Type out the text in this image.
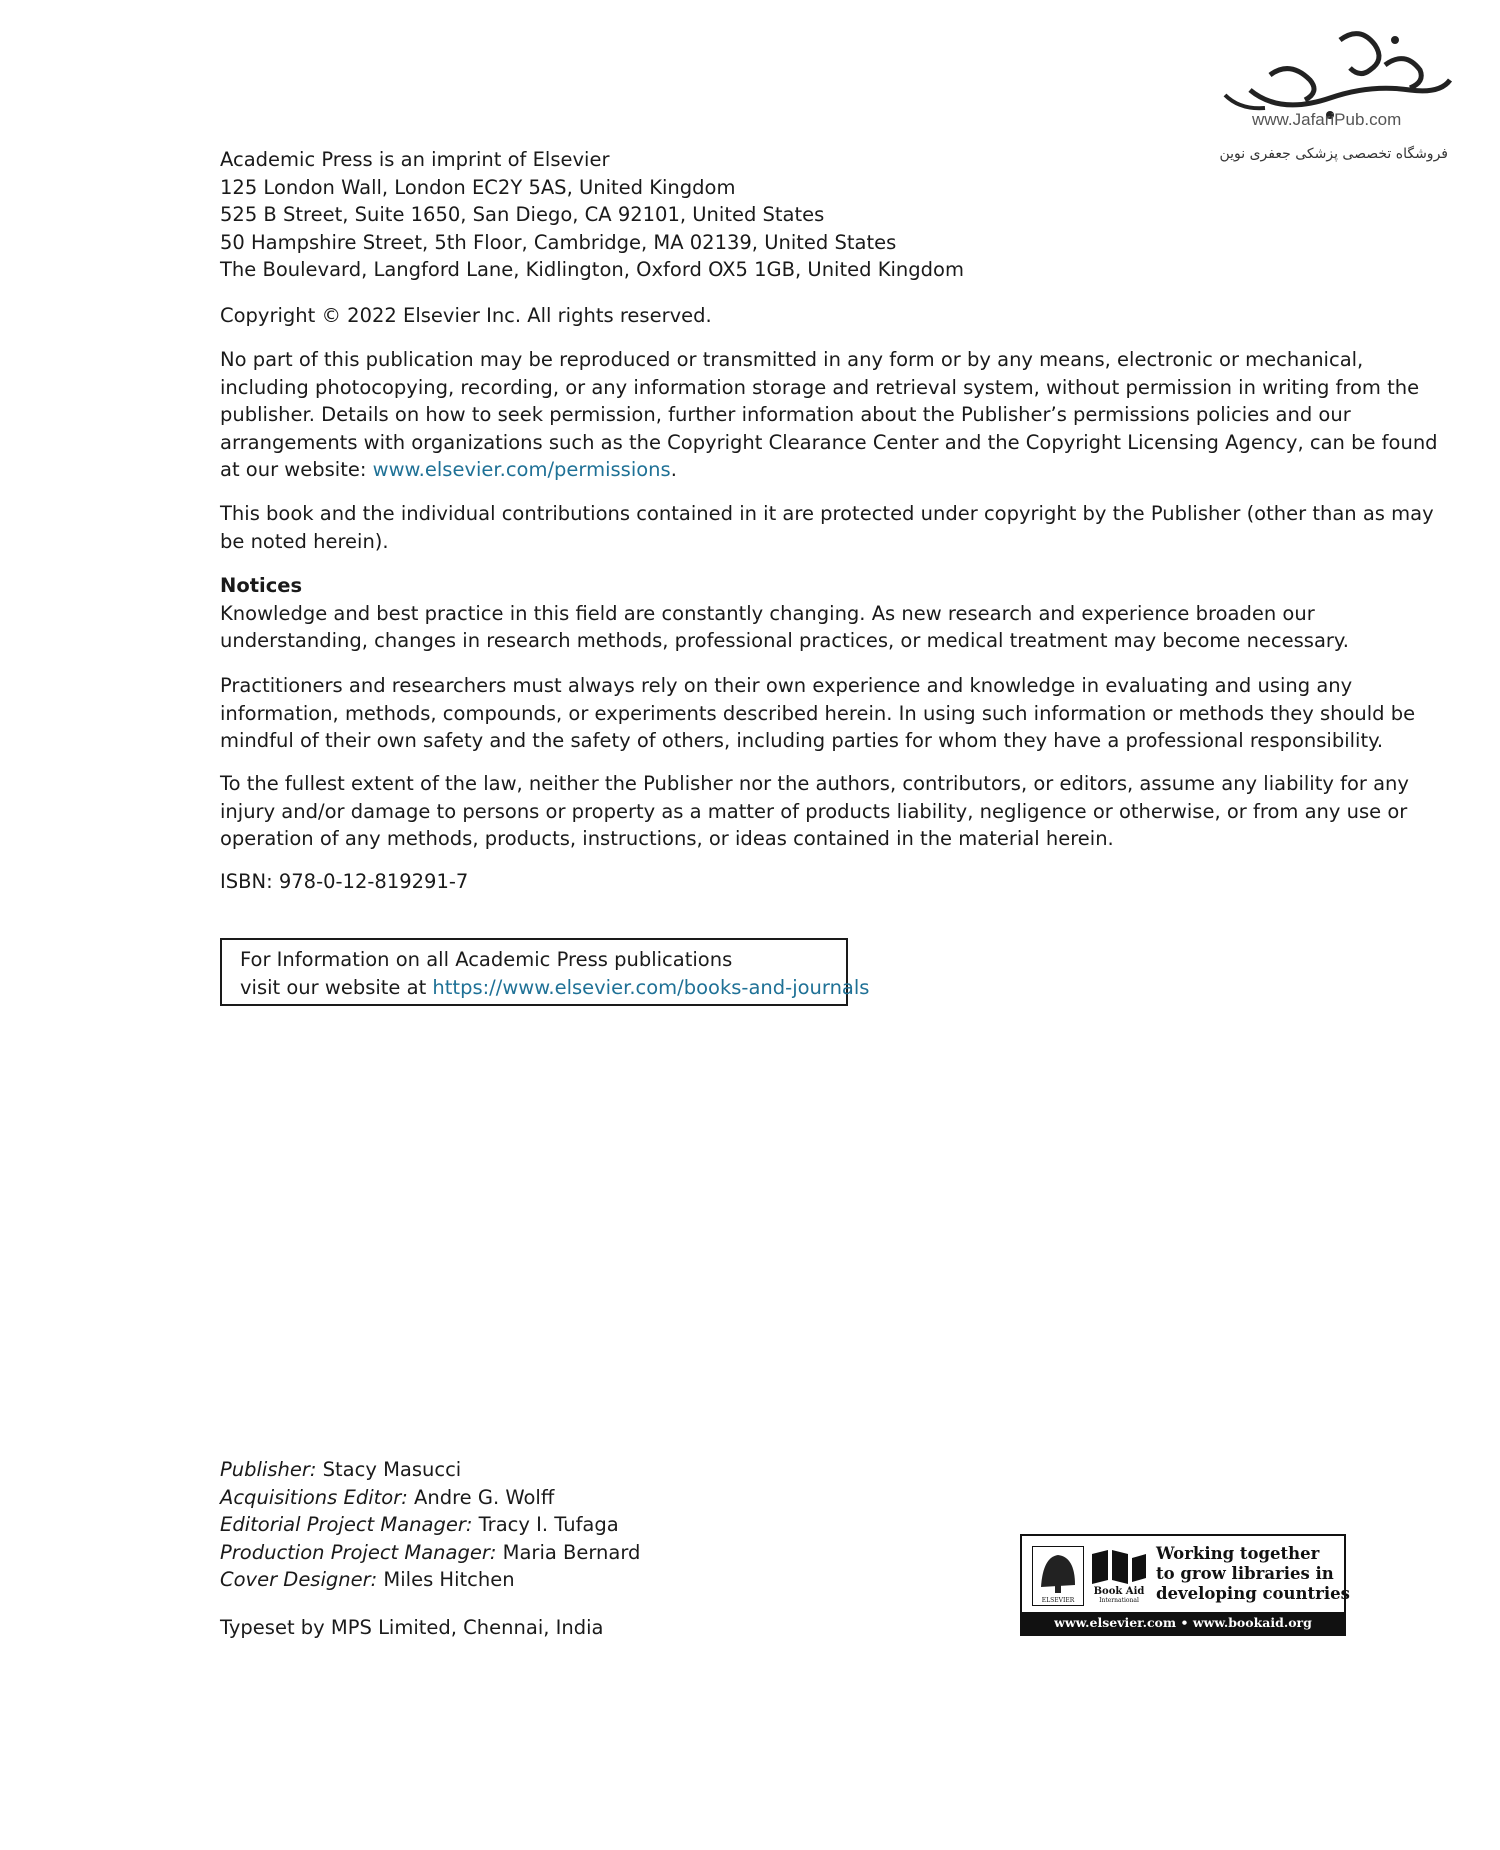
www.JafariPub.com
فروشگاه تخصصی پزشکی جعفری نوین
Academic Press is an imprint of Elsevier
125 London Wall, London EC2Y 5AS, United Kingdom
525 B Street, Suite 1650, San Diego, CA 92101, United States
50 Hampshire Street, 5th Floor, Cambridge, MA 02139, United States
The Boulevard, Langford Lane, Kidlington, Oxford OX5 1GB, United Kingdom
Copyright © 2022 Elsevier Inc. All rights reserved.
No part of this publication may be reproduced or transmitted in any form or by any means, electronic or mechanical,
including photocopying, recording, or any information storage and retrieval system, without permission in writing from the
publisher. Details on how to seek permission, further information about the Publisher’s permissions policies and our
arrangements with organizations such as the Copyright Clearance Center and the Copyright Licensing Agency, can be found
at our website: www.elsevier.com/permissions.
This book and the individual contributions contained in it are protected under copyright by the Publisher (other than as may
be noted herein).
Notices
Knowledge and best practice in this field are constantly changing. As new research and experience broaden our
understanding, changes in research methods, professional practices, or medical treatment may become necessary.
Practitioners and researchers must always rely on their own experience and knowledge in evaluating and using any
information, methods, compounds, or experiments described herein. In using such information or methods they should be
mindful of their own safety and the safety of others, including parties for whom they have a professional responsibility.
To the fullest extent of the law, neither the Publisher nor the authors, contributors, or editors, assume any liability for any
injury and/or damage to persons or property as a matter of products liability, negligence or otherwise, or from any use or
operation of any methods, products, instructions, or ideas contained in the material herein.
ISBN: 978-0-12-819291-7
For Information on all Academic Press publications
visit our website at https://www.elsevier.com/books-and-journals
Publisher: Stacy Masucci
Acquisitions Editor: Andre G. Wolff
Editorial Project Manager: Tracy I. Tufaga
Production Project Manager: Maria Bernard
Cover Designer: Miles Hitchen
Typeset by MPS Limited, Chennai, India
ELSEVIER
Book Aid
International
Working together
to grow libraries in
developing countries
www.elsevier.com • www.bookaid.org
